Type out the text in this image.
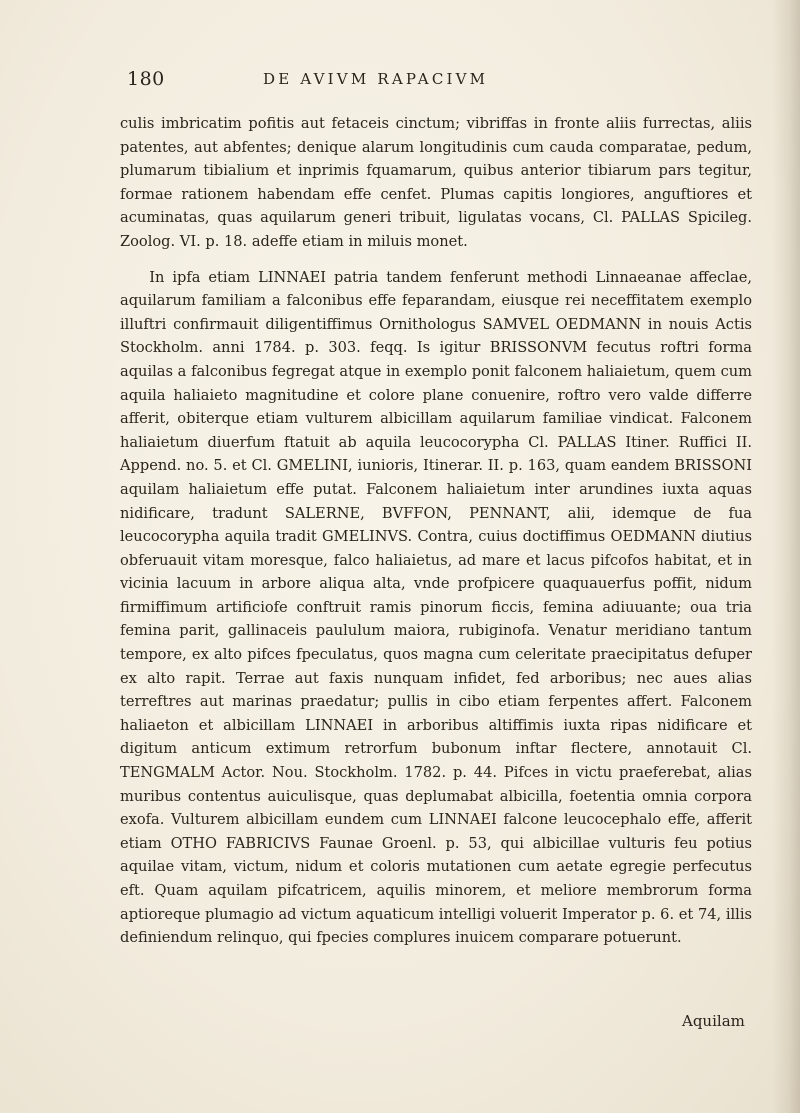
180	DE AVIVM RAPACIVM

culis imbricatim pofitis aut fetaceis cinctum; vibriffas in fronte aliis furrectas, aliis patentes, aut abfentes; denique alarum longitudinis cum cauda comparatae, pedum, plumarum tibialium et inprimis fquamarum, quibus anterior tibiarum pars tegitur, formae rationem habendam effe cenfet. Plumas capitis longiores, anguftiores et acuminatas, quas aquilarum generi tribuit, ligulatas vocans, Cl. PALLAS Spicileg. Zoolog. VI. p. 18. adeffe etiam in miluis monet.

In ipfa etiam LINNAEI patria tandem fenferunt methodi Linnaeanae affeclae, aquilarum familiam a falconibus effe feparandam, eiusque rei neceffitatem exemplo illuftri confirmauit diligentiffimus Ornithologus SAMVEL OEDMANN in nouis Actis Stockholm. anni 1784. p. 303. feqq. Is igitur BRISSONVM fecutus roftri forma aquilas a falconibus fegregat atque in exemplo ponit falconem haliaietum, quem cum aquila haliaieto magnitudine et colore plane conuenire, roftro vero valde differre afferit, obiterque etiam vulturem albicillam aquilarum familiae vindicat. Falconem haliaietum diuerfum ftatuit ab aquila leucocorypha Cl. PALLAS Itiner. Ruffici II. Append. no. 5. et Cl. GMELINI, iunioris, Itinerar. II. p. 163, quam eandem BRISSONI aquilam haliaietum effe putat. Falconem haliaietum inter arundines iuxta aquas nidificare, tradunt SALERNE, BVFFON, PENNANT, alii, idemque de fua leucocorypha aquila tradit GMELINVS. Contra, cuius doctiffimus OEDMANN diutius obferuauit vitam moresque, falco haliaietus, ad mare et lacus pifcofos habitat, et in vicinia lacuum in arbore aliqua alta, vnde profpicere quaquauerfus poffit, nidum firmiffimum artificiofe conftruit ramis pinorum ficcis, femina adiuuante; oua tria femina parit, gallinaceis paululum maiora, rubiginofa. Venatur meridiano tantum tempore, ex alto pifces fpeculatus, quos magna cum celeritate praecipitatus defuper ex alto rapit. Terrae aut faxis nunquam infidet, fed arboribus; nec aues alias terreftres aut marinas praedatur; pullis in cibo etiam ferpentes affert. Falconem haliaeton et albicillam LINNAEI in arboribus altiffimis iuxta ripas nidificare et digitum anticum extimum retrorfum bubonum inftar flectere, annotauit Cl. TENGMALM Actor. Nou. Stockholm. 1782. p. 44. Pifces in victu praeferebat, alias muribus contentus auiculisque, quas deplumabat albicilla, foetentia omnia corpora exofa. Vulturem albicillam eundem cum LINNAEI falcone leucocephalo effe, afferit etiam OTHO FABRICIVS Faunae Groenl. p. 53, qui albicillae vulturis feu potius aquilae vitam, victum, nidum et coloris mutationen cum aetate egregie perfecutus eft. Quam aquilam pifcatricem, aquilis minorem, et meliore membrorum forma aptioreque plumagio ad victum aquaticum intelligi voluerit Imperator p. 6. et 74, illis definiendum relinquo, qui fpecies complures inuicem comparare potuerunt.

Aquilam
